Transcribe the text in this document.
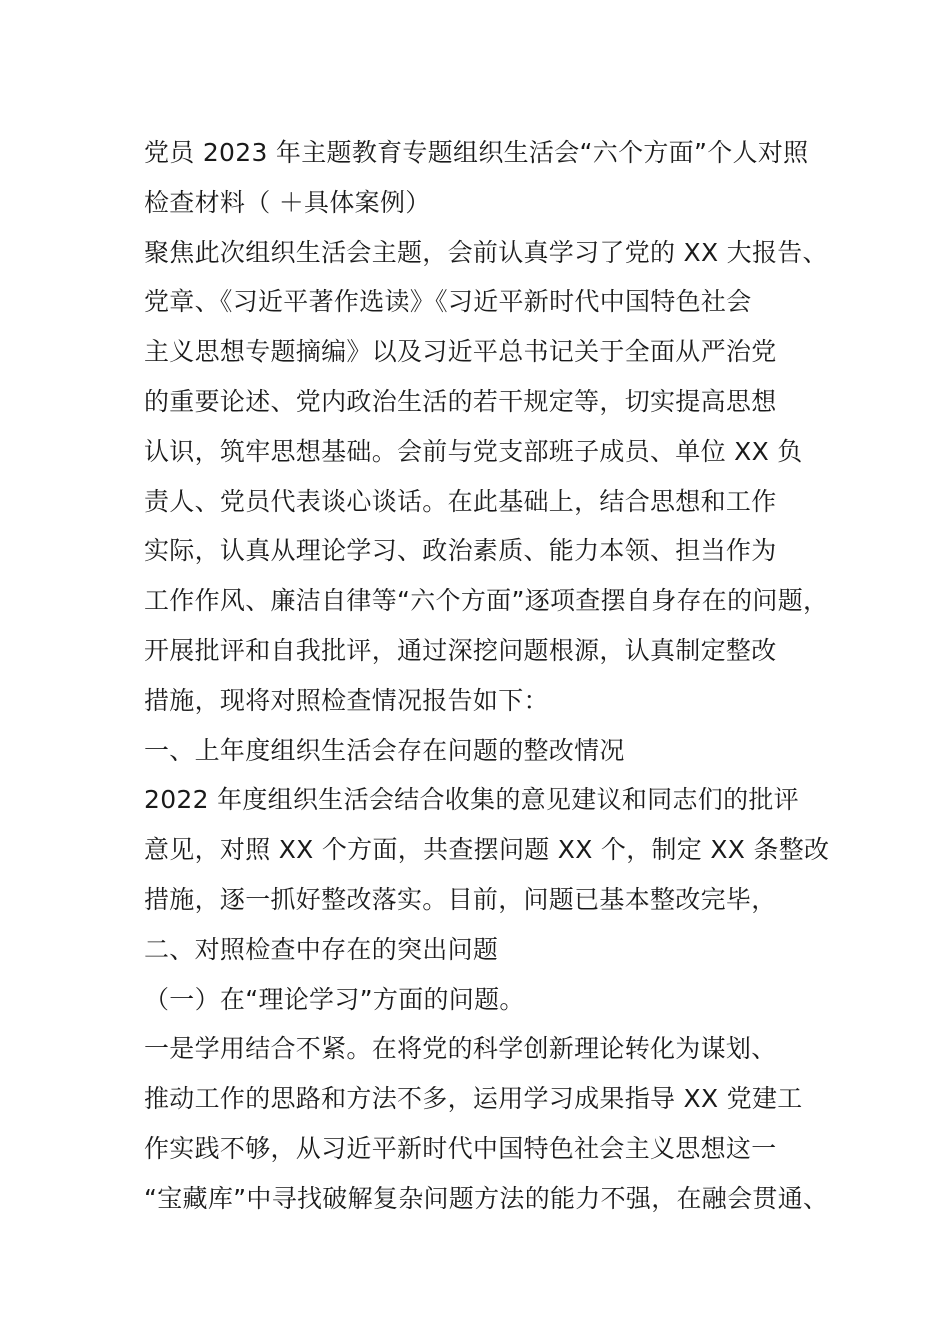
党员 2023 年主题教育专题组织生活会“六个方面”个人对照
检查材料（ ＋具体案例）
聚焦此次组织生活会主题，会前认真学习了党的 XX 大报告、
党章、《习近平著作选读》《习近平新时代中国特色社会
主义思想专题摘编》以及习近平总书记关于全面从严治党
的重要论述、党内政治生活的若干规定等，切实提高思想
认识，筑牢思想基础。会前与党支部班子成员、单位 XX 负
责人、党员代表谈心谈话。在此基础上，结合思想和工作
实际，认真从理论学习、政治素质、能力本领、担当作为
工作作风、廉洁自律等“六个方面”逐项查摆自身存在的问题，
开展批评和自我批评，通过深挖问题根源，认真制定整改
措施，现将对照检查情况报告如下：
一、上年度组织生活会存在问题的整改情况
2022 年度组织生活会结合收集的意见建议和同志们的批评
意见，对照 XX 个方面，共查摆问题 XX 个，制定 XX 条整改
措施，逐一抓好整改落实。目前，问题已基本整改完毕，
二、对照检查中存在的突出问题
（一）在“理论学习”方面的问题。
一是学用结合不紧。在将党的科学创新理论转化为谋划、
推动工作的思路和方法不多，运用学习成果指导 XX 党建工
作实践不够，从习近平新时代中国特色社会主义思想这一
“宝藏库”中寻找破解复杂问题方法的能力不强，在融会贯通、
